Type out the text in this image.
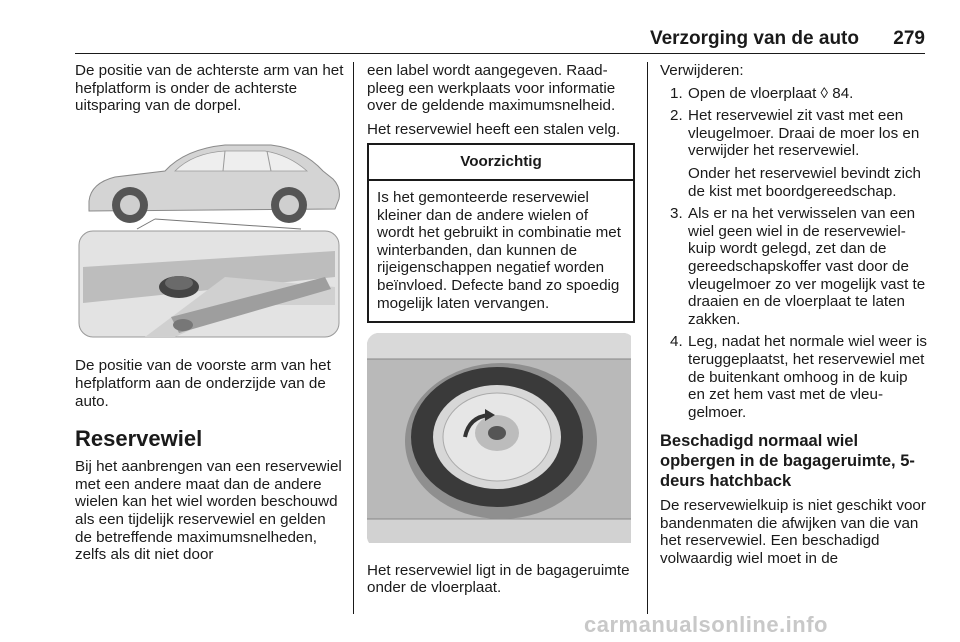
Verzorging van de auto 279

De positie van de achterste arm van het hefplatform is onder de achterste uitsparing van de dorpel.

De positie van de voorste arm van het hefplatform aan de onderzijde van de auto.

Reservewiel

Bij het aanbrengen van een reservewiel met een andere maat dan de andere wielen kan het wiel worden beschouwd als een tijdelijk reservewiel en gelden de betreffende maximumsnelheden, zelfs als dit niet door

een label wordt aangegeven. Raadpleeg een werkplaats voor informatie over de geldende maximumsnelheid.

Het reservewiel heeft een stalen velg.

Voorzichtig
Is het gemonteerde reservewiel kleiner dan de andere wielen of wordt het gebruikt in combinatie met winterbanden, dan kunnen de rijeigenschappen negatief worden beïnvloed. Defecte band zo spoedig mogelijk laten vervangen.

Het reservewiel ligt in de bagageruimte onder de vloerplaat.

Verwijderen:

1. Open de vloerplaat ◊ 84.
2. Het reservewiel zit vast met een vleugelmoer. Draai de moer los en verwijder het reservewiel.
Onder het reservewiel bevindt zich de kist met boordgereedschap.
3. Als er na het verwisselen van een wiel geen wiel in de reservewielkuip wordt gelegd, zet dan de gereedschapskoffer vast door de vleugelmoer zo ver mogelijk vast te draaien en de vloerplaat te laten zakken.
4. Leg, nadat het normale wiel weer is teruggeplaatst, het reservewiel met de buitenkant omhoog in de kuip en zet hem vast met de vleugelmoer.
Beschadigd normaal wiel opbergen in de bagageruimte, 5-deurs hatchback

De reservewielkuip is niet geschikt voor bandenmaten die afwijken van die van het reservewiel. Een beschadigd volwaardig wiel moet in de

carmanualsonline.info
